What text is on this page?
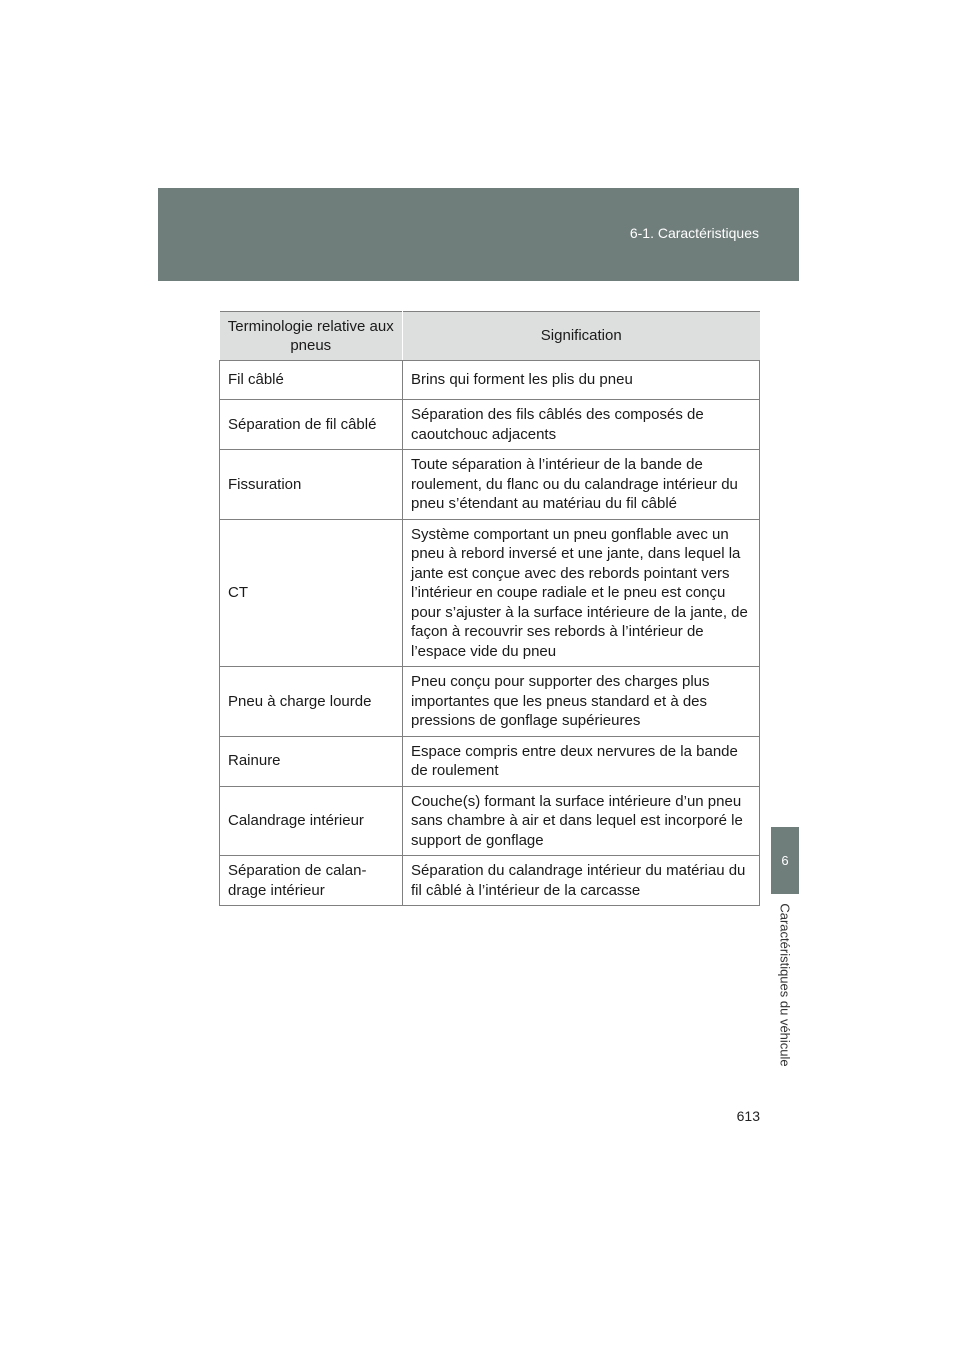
6-1. Caractéristiques
6
Caractéristiques du véhicule
Terminologie relative aux pneus	Signification
Fil câblé	Brins qui forment les plis du pneu
Séparation de fil câblé	Séparation des fils câblés des composés de caoutchouc adjacents
Fissuration	Toute séparation à l’intérieur de la bande de roulement, du flanc ou du calandrage intérieur du pneu s’étendant au matériau du fil câblé
CT	Système comportant un pneu gonflable avec un pneu à rebord inversé et une jante, dans lequel la jante est conçue avec des rebords pointant vers l’intérieur en coupe radiale et le pneu est conçu pour s’ajuster à la surface intérieure de la jante, de façon à recouvrir ses rebords à l’intérieur de l’espace vide du pneu
Pneu à charge lourde	Pneu conçu pour supporter des charges plus importantes que les pneus standard et à des pressions de gonflage supérieures
Rainure	Espace compris entre deux nervures de la bande de roulement
Calandrage intérieur	Couche(s) formant la surface intérieure d’un pneu sans chambre à air et dans lequel est incorporé le support de gonflage
Séparation de calandrage intérieur	Séparation du calandrage intérieur du matériau du fil câblé à l’intérieur de la carcasse
613
